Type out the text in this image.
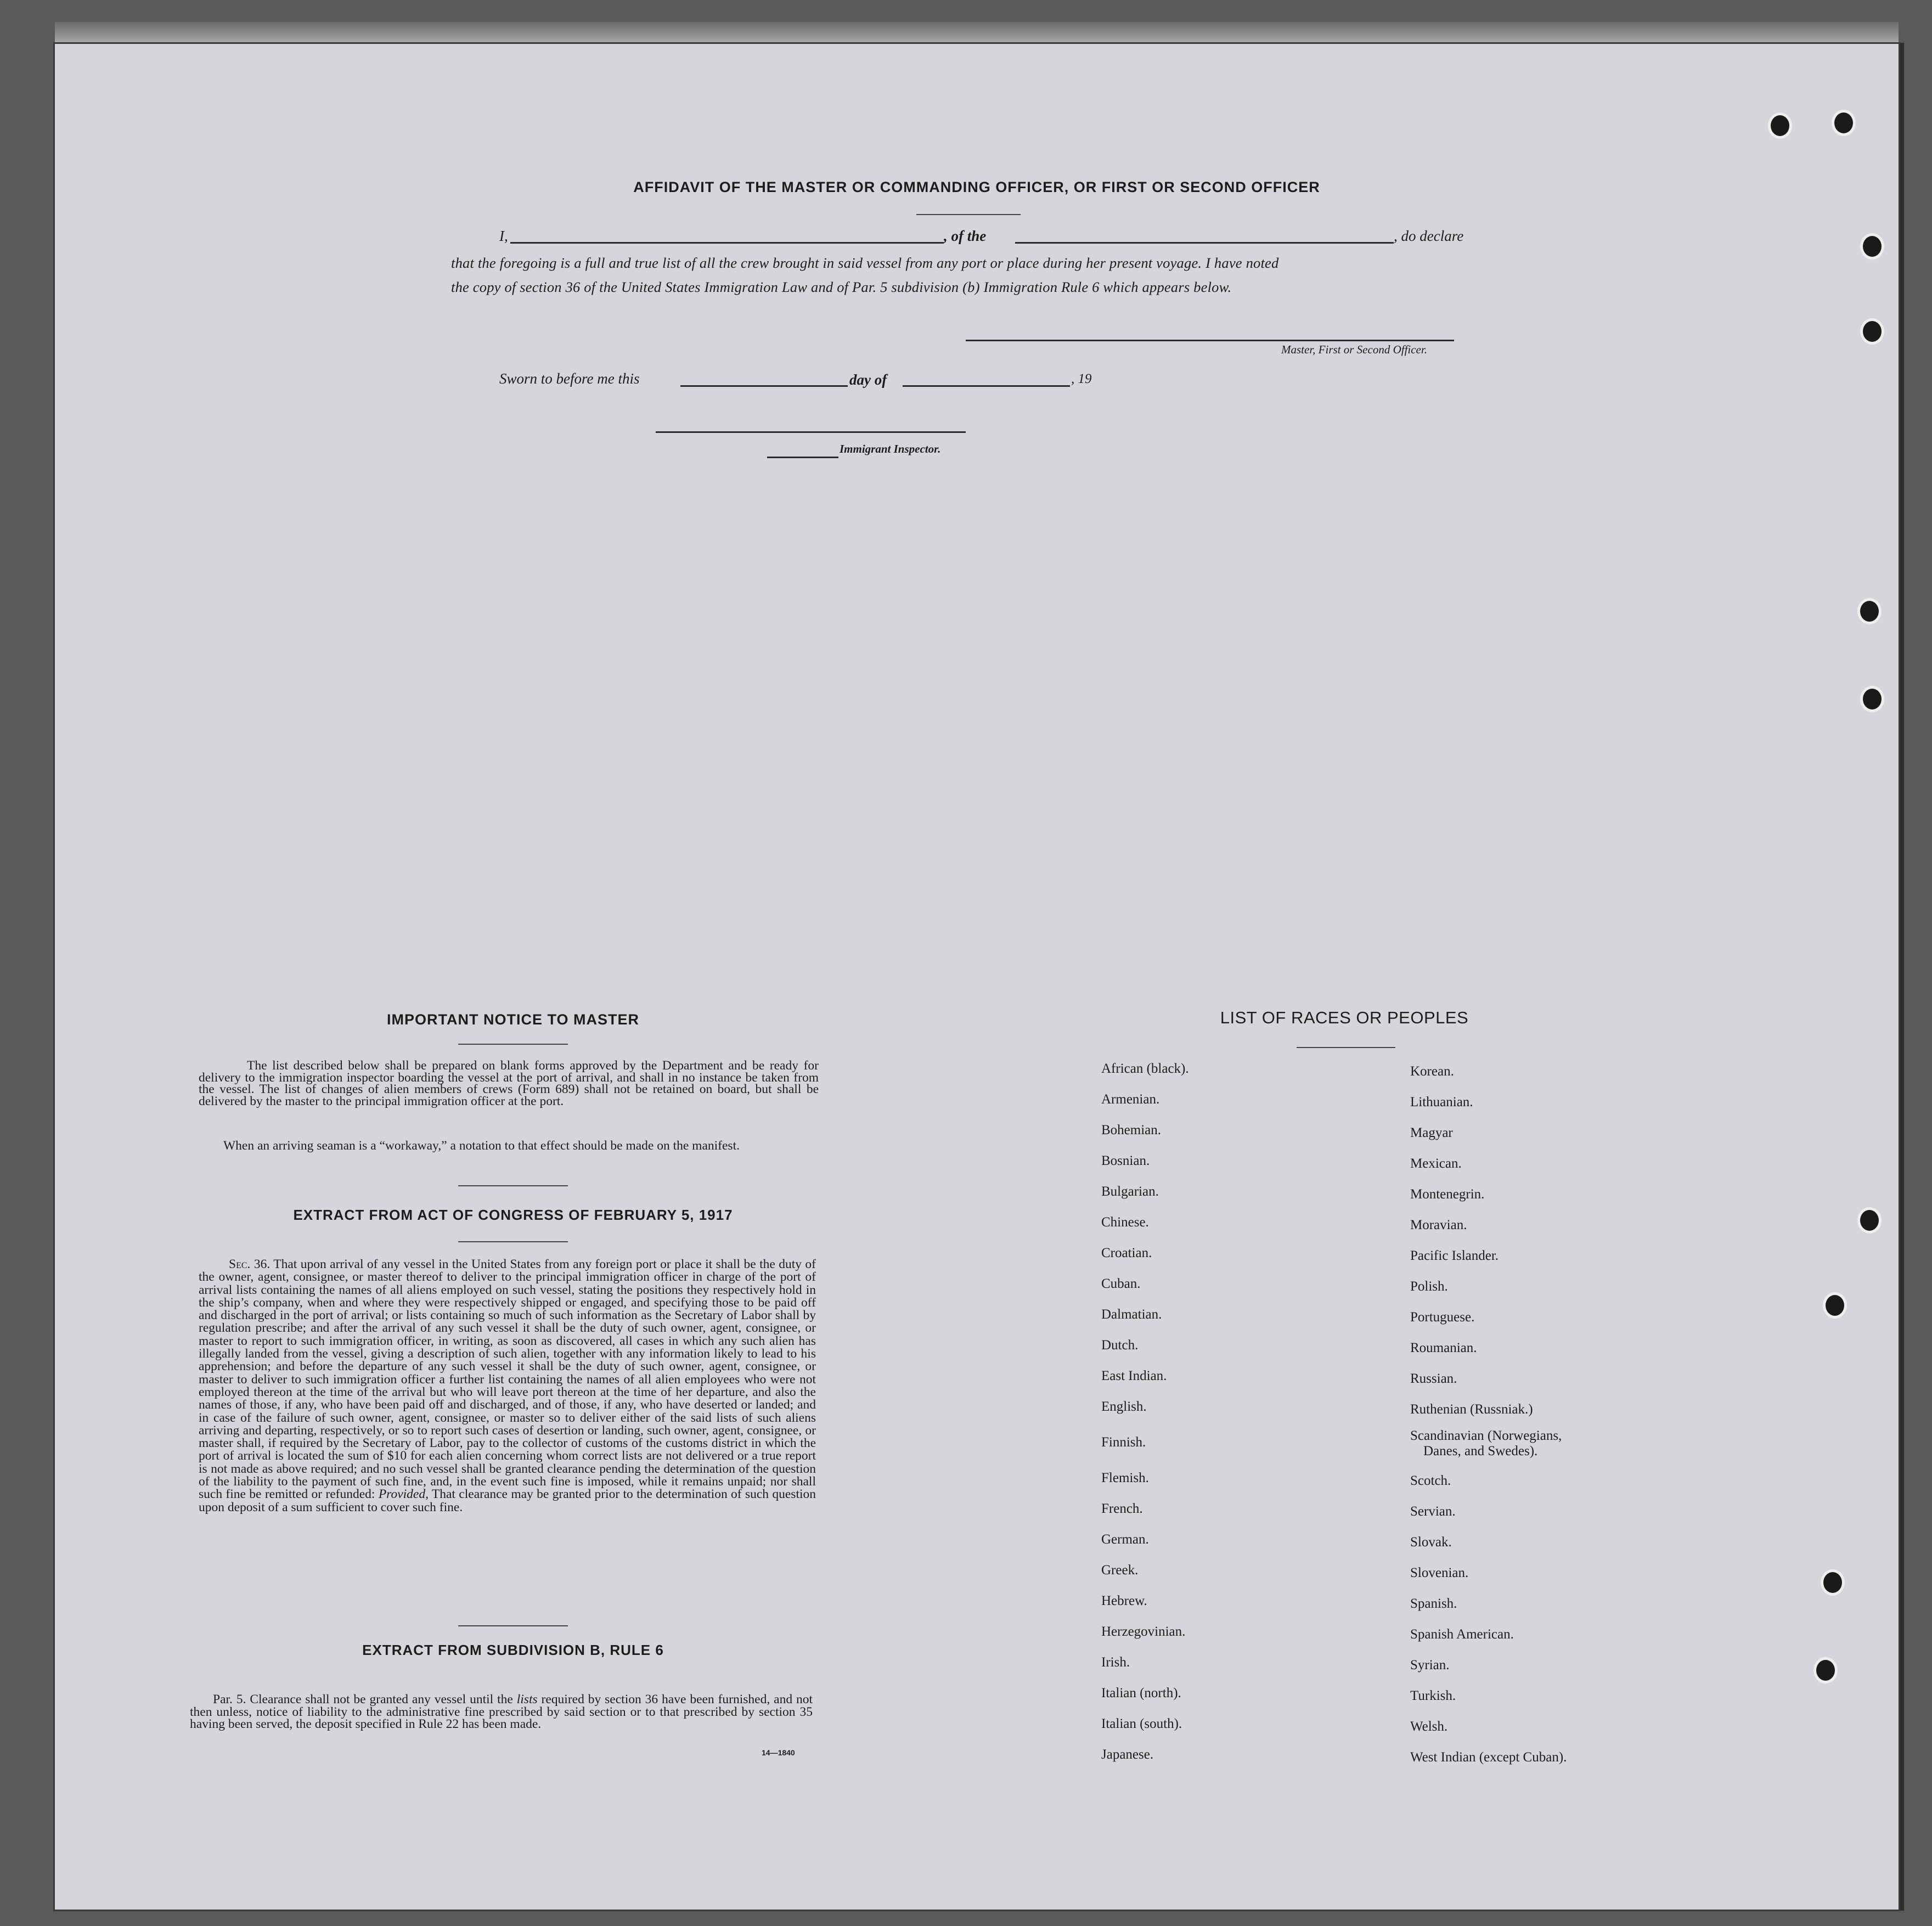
AFFIDAVIT OF THE MASTER OR COMMANDING OFFICER, OR FIRST OR SECOND OFFICER
I,	, of the	, do declare
that the foregoing is a full and true list of all the crew brought in said vessel from any port or place during her present voyage. I have noted
the copy of section 36 of the United States Immigration Law and of Par. 5 subdivision (b) Immigration Rule 6 which appears below.
Master, First or Second Officer.
Sworn to before me this	day of	, 19
Immigrant Inspector.
IMPORTANT NOTICE TO MASTER
The list described below shall be prepared on blank forms approved by the Department and be ready for delivery to the immigration inspector boarding the vessel at the port of arrival, and shall in no instance be taken from the vessel. The list of changes of alien members of crews (Form 689) shall not be retained on board, but shall be delivered by the master to the principal immigration officer at the port.
When an arriving seaman is a “workaway,” a notation to that effect should be made on the manifest.
EXTRACT FROM ACT OF CONGRESS OF FEBRUARY 5, 1917
Sec. 36. That upon arrival of any vessel in the United States from any foreign port or place it shall be the duty of the owner, agent, consignee, or master thereof to deliver to the principal immigration officer in charge of the port of arrival lists containing the names of all aliens employed on such vessel, stating the positions they respectively hold in the ship’s company, when and where they were respectively shipped or engaged, and specifying those to be paid off and discharged in the port of arrival; or lists containing so much of such information as the Secretary of Labor shall by regulation prescribe; and after the arrival of any such vessel it shall be the duty of such owner, agent, consignee, or master to report to such immigration officer, in writing, as soon as discovered, all cases in which any such alien has illegally landed from the vessel, giving a description of such alien, together with any information likely to lead to his apprehension; and before the departure of any such vessel it shall be the duty of such owner, agent, consignee, or master to deliver to such immigration officer a further list containing the names of all alien employees who were not employed thereon at the time of the arrival but who will leave port thereon at the time of her departure, and also the names of those, if any, who have been paid off and discharged, and of those, if any, who have deserted or landed; and in case of the failure of such owner, agent, consignee, or master so to deliver either of the said lists of such aliens arriving and departing, respectively, or so to report such cases of desertion or landing, such owner, agent, consignee, or master shall, if required by the Secretary of Labor, pay to the collector of customs of the customs district in which the port of arrival is located the sum of $10 for each alien concerning whom correct lists are not delivered or a true report is not made as above required; and no such vessel shall be granted clearance pending the determination of the question of the liability to the payment of such fine, and, in the event such fine is imposed, while it remains unpaid; nor shall such fine be remitted or refunded: Provided, That clearance may be granted prior to the determination of such question upon deposit of a sum sufficient to cover such fine.
EXTRACT FROM SUBDIVISION B, RULE 6
Par. 5. Clearance shall not be granted any vessel until the lists required by section 36 have been furnished, and not then unless, notice of liability to the administrative fine prescribed by said section or to that prescribed by section 35 having been served, the deposit specified in Rule 22 has been made.
14—1840
LIST OF RACES OR PEOPLES
African (black).
Armenian.
Bohemian.
Bosnian.
Bulgarian.
Chinese.
Croatian.
Cuban.
Dalmatian.
Dutch.
East Indian.
English.
Finnish.
Flemish.
French.
German.
Greek.
Hebrew.
Herzegovinian.
Irish.
Italian (north).
Italian (south).
Japanese.
Korean.
Lithuanian.
Magyar
Mexican.
Montenegrin.
Moravian.
Pacific Islander.
Polish.
Portuguese.
Roumanian.
Russian.
Ruthenian (Russniak.)
Scandinavian (Norwegians,
Danes, and Swedes).
Scotch.
Servian.
Slovak.
Slovenian.
Spanish.
Spanish American.
Syrian.
Turkish.
Welsh.
West Indian (except Cuban).
